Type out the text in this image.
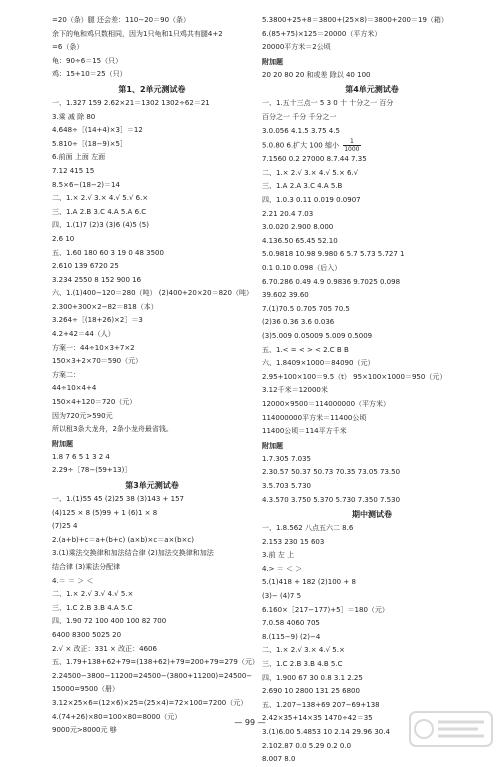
=20（条）腿 还会差：110−20＝90（条）
余下的龟和鸡只数相同，因为1只龟和1只鸡共有腿4+2
=6（条）
龟：90÷6＝15（只）
鸡：15+10＝25（只）
第1、2单元测试卷
一、1.327 159 2.62×21＝1302 1302÷62＝21
3.乘 减 除 80
4.648÷［(14+4)×3］＝12
5.810÷［(18−9)×5］
6.前面 上面 左面
7.12 415 15
8.5×6−(18−2)＝14
二、1.× 2.√ 3.× 4.√ 5.√ 6.×
三、1.A 2.B 3.C 4.A 5.A 6.C
四、1.(1)7 (2)3 (3)6 (4)5 (5)
2.6 10
五、1.60 180 60 3 19 0 48 3500
2.610 139 6720 25
3.234 2550 8 152 900 16
六、1.(1)400−120＝280（吨） (2)400+20×20＝820（吨）
2.300+300×2−82＝818（本）
3.264÷［(18+26)×2］＝3
4.2+42＝44（人）
方案一：44÷10×3+7×2
150×3+2×70＝590（元）
方案二：
44÷10×4+4
150×4+120＝720（元）
因为720元>590元
所以租3条大龙舟，2条小龙舟最省钱。
附加题
1.8 7 6 5 1 3 2 4
2.29÷［78−(59+13)］
第3单元测试卷
一、1.(1)55 45 (2)25 38 (3)143 + 157
(4)125 × 8 (5)99 + 1 (6)1 × 8
(7)25 4
2.(a+b)+c＝a+(b+c) (a×b)×c＝a×(b×c)
3.(1)乘法交换律和加法结合律 (2)加法交换律和加法
结合律 (3)乘法分配律
4.＝ ＝ ＞ ＜
二、1.× 2.√ 3.√ 4.√ 5.×
三、1.C 2.B 3.B 4.A 5.C
四、1.90 72 100 400 100 82 700
6400 8300 5025 20
2.√ × 改正：331 × 改正：4606
五、1.79+138+62+79=(138+62)+79=200+79=279（元）
2.24500−3800−11200=24500−(3800+11200)=24500−
15000=9500（册）
3.12×25×6=(12×6)×25=(25×4)=72×100=7200（元）
4.(74+26)×80=100×80=8000（元）
9000元>8000元 够
5.3800+25+8＝3800+(25×8)＝3800+200＝19（箱）
6.(85+75)×125＝20000（平方米）
20000平方米＝2公顷
附加题
20 20 80 20 和或差 除以 40 100
第4单元测试卷
一、1.五十三点一 5 3 0 十 十分之一 百分
百分之一 千分 千分之一
3.0.056 4.1.5 3.75 4.5
5.0.80 6.扩大 100 缩小 $\frac{1}{1000}$
7.1560 0.2 27000 8.7.44 7.35
二、1.× 2.√ 3.× 4.√ 5.× 6.√
三、1.A 2.A 3.C 4.A 5.B
四、1.0.3 0.11 0.019 0.0907
2.21 20.4 7.03
3.0.020 2.900 8.000
4.136.50 65.45 52.10
5.0.9818 10.98 9.980 6 5.7 5.73 5.727 1
0.1 0.10 0.098（后入）
6.70.286 0.49 4.9 0.9836 9.7025 0.098
39.602 39.60
7.(1)70.5 0.705 705 70.5
(2)36 0.36 3.6 0.036
(3)5.009 0.05009 5.009 0.5009
五、1.< = < > < 2.C B B
六、1.8409×1000＝84090（元）
2.95+100×100＝9.5（t） 95×100×1000＝950（元）
3.12千米＝12000米
12000×9500＝114000000（平方米）
114000000平方米＝11400公顷
11400公顷＝114平方千米
附加题
1.7.305 7.035
2.30.57 50.37 50.73 70.35 73.05 73.50
3.5.703 5.730
4.3.570 3.750 5.370 5.730 7.350 7.530
期中测试卷
一、1.8.562 八点五六二 8.6
2.153 230 15 603
3.前 左 上
4.> ＝ ＜ ＞
5.(1)418 + 182 (2)100 + 8
(3)− (4)7 5
6.160×［217−177)+5］＝180（元）
7.0.58 4060 705
8.(115−9) (2)−4
二、1.× 2.√ 3.× 4.√ 5.×
三、1.C 2.B 3.B 4.B 5.C
四、1.900 67 30 0.8 3.1 2.25
2.690 10 2800 131 25 6800
五、1.207−138+69 207−69+138
2.42×35+14×35 1470÷42＝35
3.(1)6.00 5.4853 10 2.14 29.96 30.4
2.102.87 0.0 5.29 0.2 0.0
8.007 8.0
— 99 —
